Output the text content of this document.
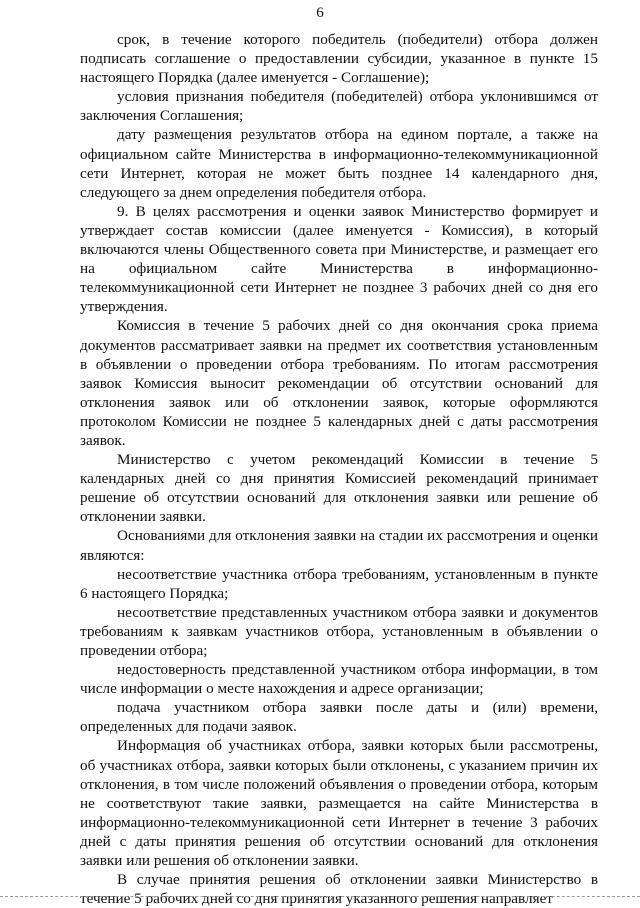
6

срок, в течение которого победитель (победители) отбора должен подписать соглашение о предоставлении субсидии, указанное в пункте 15 настоящего Порядка (далее именуется - Соглашение);

условия признания победителя (победителей) отбора уклонившимся от заключения Соглашения;

дату размещения результатов отбора на едином портале, а также на официальном сайте Министерства в информационно-телекоммуникационной сети Интернет, которая не может быть позднее 14 календарного дня, следующего за днем определения победителя отбора.

9. В целях рассмотрения и оценки заявок Министерство формирует и утверждает состав комиссии (далее именуется - Комиссия), в который включаются члены Общественного совета при Министерстве, и размещает его на официальном сайте Министерства в информационно-телекоммуникационной сети Интернет не позднее 3 рабочих дней со дня его утверждения.

Комиссия в течение 5 рабочих дней со дня окончания срока приема документов рассматривает заявки на предмет их соответствия установленным в объявлении о проведении отбора требованиям. По итогам рассмотрения заявок Комиссия выносит рекомендации об отсутствии оснований для отклонения заявок или об отклонении заявок, которые оформляются протоколом Комиссии не позднее 5 календарных дней с даты рассмотрения заявок.

Министерство с учетом рекомендаций Комиссии в течение 5 календарных дней со дня принятия Комиссией рекомендаций принимает решение об отсутствии оснований для отклонения заявки или решение об отклонении заявки.

Основаниями для отклонения заявки на стадии их рассмотрения и оценки являются:

несоответствие участника отбора требованиям, установленным в пункте 6 настоящего Порядка;

несоответствие представленных участником отбора заявки и документов требованиям к заявкам участников отбора, установленным в объявлении о проведении отбора;

недостоверность представленной участником отбора информации, в том числе информации о месте нахождения и адресе организации;

подача участником отбора заявки после даты и (или) времени, определенных для подачи заявок.

Информация об участниках отбора, заявки которых были рассмотрены, об участниках отбора, заявки которых были отклонены, с указанием причин их отклонения, в том числе положений объявления о проведении отбора, которым не соответствуют такие заявки, размещается на сайте Министерства в информационно-телекоммуникационной сети Интернет в течение 3 рабочих дней с даты принятия решения об отсутствии оснований для отклонения заявки или решения об отклонении заявки.

В случае принятия решения об отклонении заявки Министерство в течение 5 рабочих дней со дня принятия указанного решения направляет
